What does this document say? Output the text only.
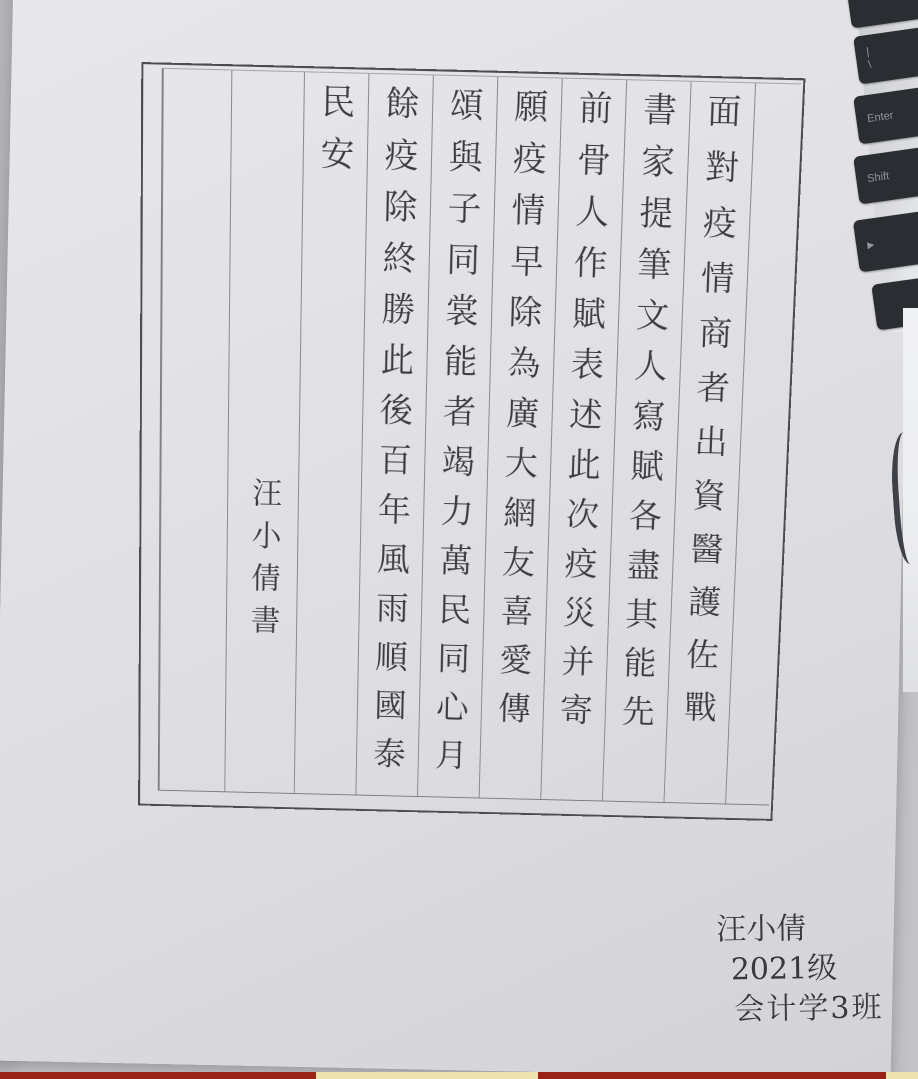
面對疫情商者出資醫護佐戰
書家提筆文人寫賦各盡其能先
前骨人作賦表述此次疫災并寄
願疫情早除為廣大網友喜愛傳
頌與子同裳能者竭力萬民同心月
餘疫除終勝此後百年風雨順國泰
民安
汪小倩書
汪小倩
2021级
会计学3班
|
\
Enter
Shift
▶
